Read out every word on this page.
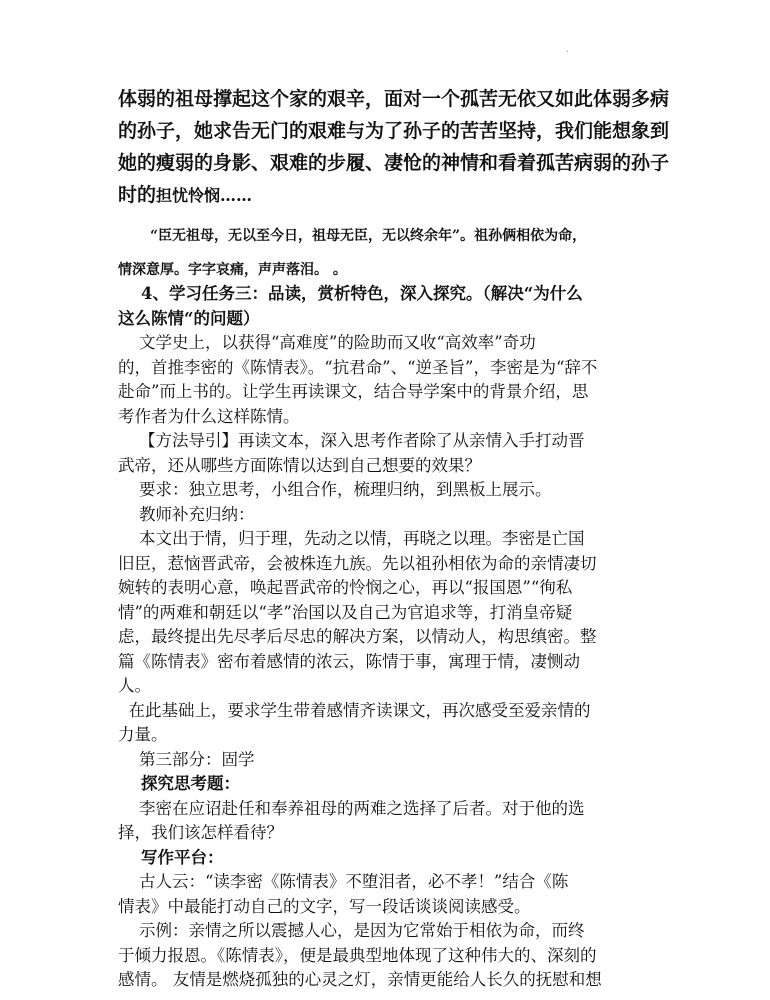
.
体弱的祖母撑起这个家的艰辛，面对一个孤苦无依又如此体弱多病
的孙子，她求告无门的艰难与为了孙子的苦苦坚持，我们能想象到
她的瘦弱的身影、艰难的步履、凄怆的神情和看着孤苦病弱的孙子
时的担忧怜悯……
“臣无祖母，无以至今日，祖母无臣，无以终余年”。祖孙俩相依为命，
情深意厚。字字哀痛，声声落泪。 。
4、学习任务三：品读，赏析特色，深入探究。（解决“为什么
这么陈情“的问题）
文学史上，以获得“高难度”的险助而又收“高效率”奇功
的，首推李密的《陈情表》。“抗君命”、“逆圣旨”，李密是为“辞不
赴命”而上书的。让学生再读课文，结合导学案中的背景介绍，思
考作者为什么这样陈情。
【方法导引】再读文本，深入思考作者除了从亲情入手打动晋
武帝，还从哪些方面陈情以达到自己想要的效果？
要求：独立思考，小组合作，梳理归纳，到黑板上展示。
教师补充归纳：
本文出于情，归于理，先动之以情，再晓之以理。李密是亡国
旧臣，惹恼晋武帝，会被株连九族。先以祖孙相依为命的亲情凄切
婉转的表明心意，唤起晋武帝的怜悯之心，再以“报国恩”“徇私
情”的两难和朝廷以“孝”治国以及自己为官追求等，打消皇帝疑
虑，最终提出先尽孝后尽忠的解决方案，以情动人，构思缜密。整
篇《陈情表》密布着感情的浓云，陈情于事，寓理于情，凄恻动
人。
在此基础上，要求学生带着感情齐读课文，再次感受至爱亲情的
力量。
第三部分：固学
探究思考题：
李密在应诏赴任和奉养祖母的两难之选择了后者。对于他的选
择，我们该怎样看待？
写作平台：
古人云：“读李密《陈情表》不堕泪者，必不孝！”结合《陈
情表》中最能打动自己的文字，写一段话谈谈阅读感受。
示例：亲情之所以震撼人心，是因为它常始于相依为命，而终
于倾力报恩。《陈情表》，便是最典型地体现了这种伟大的、深刻的
感情。 友情是燃烧孤独的心灵之灯，亲情更能给人长久的抚慰和想
